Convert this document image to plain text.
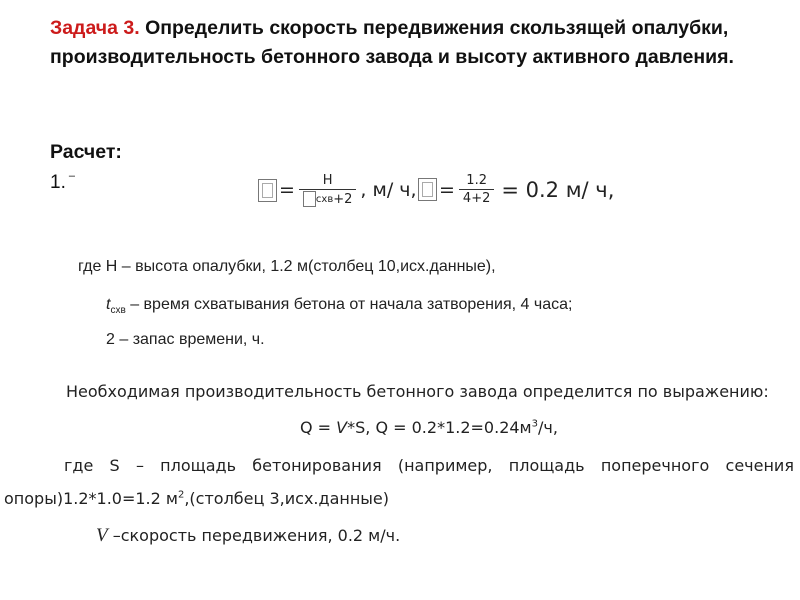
Задача 3. Определить скорость передвижения скользящей опалубки, производительность бетонного завода и высоту активного давления.
Расчет:
1. –
= $\frac{H}{\text{схв +2}}$ , м/ ч, = $\frac{1.2}{4+2} = 0.2$ м/ ч,
где Н – высота опалубки, 1.2 м(столбец 10,исх.данные),
$t_{схв}$ – время схватывания бетона от начала затворения, 4 часа;
2 – запас времени, ч.
Необходимая производительность бетонного завода определится по выражению:
Q = V*S, $Q = 0.2*1.2=0.24м^3/ч$,
где S – площадь бетонирования (например, площадь поперечного сечения
опоры)1.2*1.0=1.2 $м^2,(столбец$ 3,исх.данные)
V –скорость передвижения, 0.2 м/ч.
